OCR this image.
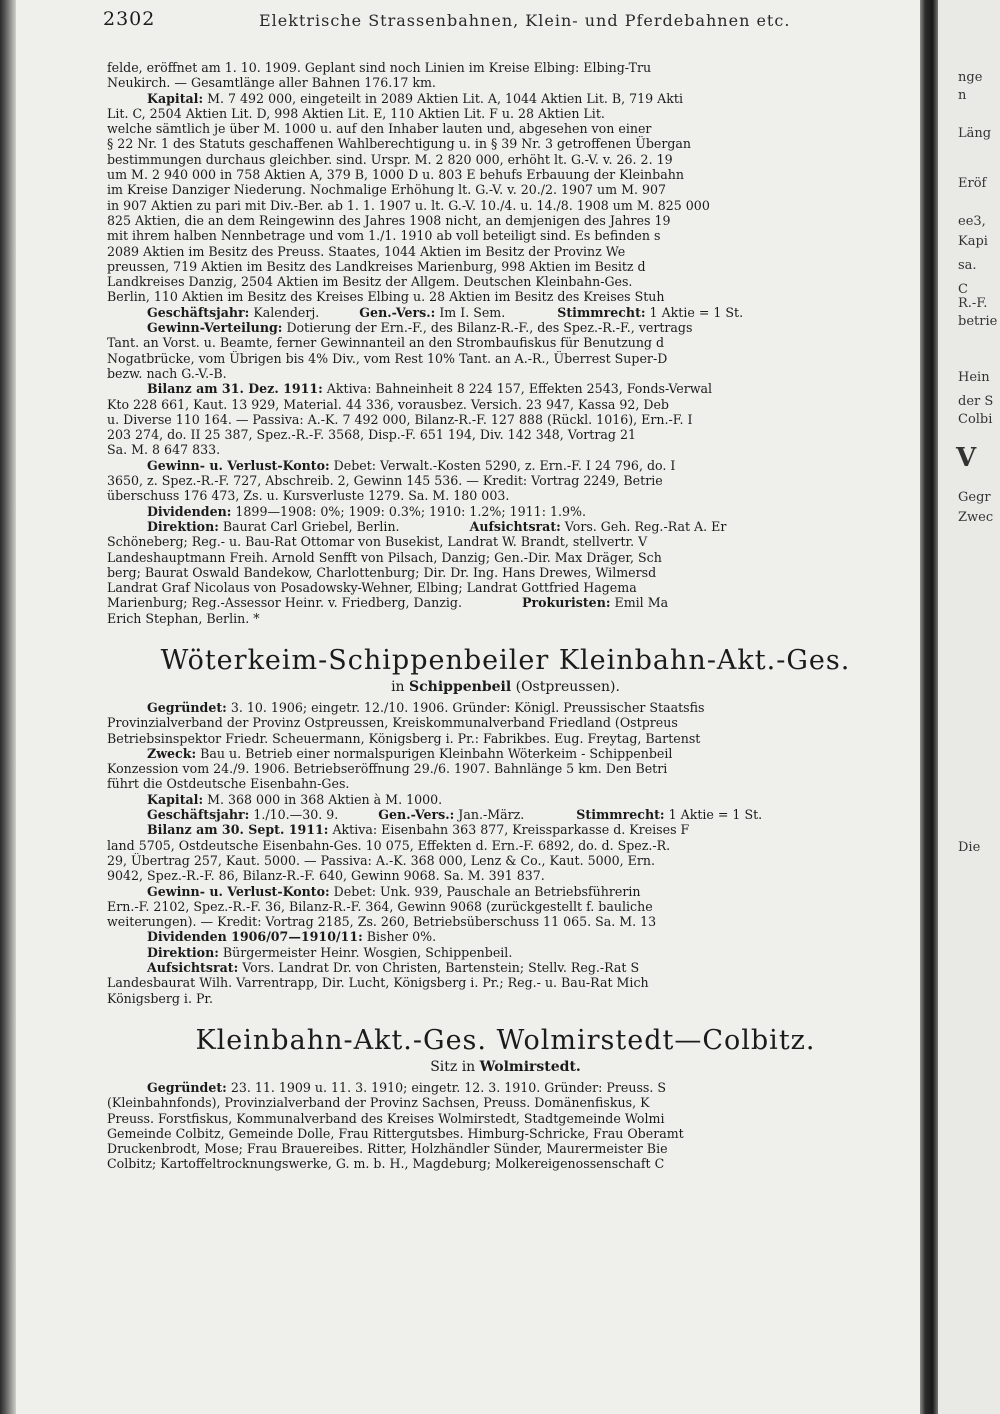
2302	Elektrische Strassenbahnen, Klein- und Pferdebahnen etc.

felde, eröffnet am 1. 10. 1909. Geplant sind noch Linien im Kreise Elbing: Elbing-Tru

Neukirch. — Gesamtlänge aller Bahnen 176.17 km.

Kapital: M. 7 492 000, eingeteilt in 2089 Aktien Lit. A, 1044 Aktien Lit. B, 719 Akti

Lit. C, 2504 Aktien Lit. D, 998 Aktien Lit. E, 110 Aktien Lit. F u. 28 Aktien Lit.

welche sämtlich je über M. 1000 u. auf den Inhaber lauten und, abgesehen von einer

§ 22 Nr. 1 des Statuts geschaffenen Wahlberechtigung u. in § 39 Nr. 3 getroffenen Übergan

bestimmungen durchaus gleichber. sind. Urspr. M. 2 820 000, erhöht lt. G.-V. v. 26. 2. 19

um M. 2 940 000 in 758 Aktien A, 379 B, 1000 D u. 803 E behufs Erbauung der Kleinbahn

im Kreise Danziger Niederung. Nochmalige Erhöhung lt. G.-V. v. 20./2. 1907 um M. 907

in 907 Aktien zu pari mit Div.-Ber. ab 1. 1. 1907 u. lt. G.-V. 10./4. u. 14./8. 1908 um M. 825 000

825 Aktien, die an dem Reingewinn des Jahres 1908 nicht, an demjenigen des Jahres 19

mit ihrem halben Nennbetrage und vom 1./1. 1910 ab voll beteiligt sind. Es befinden s

2089 Aktien im Besitz des Preuss. Staates, 1044 Aktien im Besitz der Provinz We

preussen, 719 Aktien im Besitz des Landkreises Marienburg, 998 Aktien im Besitz d

Landkreises Danzig, 2504 Aktien im Besitz der Allgem. Deutschen Kleinbahn-Ges.

Berlin, 110 Aktien im Besitz des Kreises Elbing u. 28 Aktien im Besitz des Kreises Stuh

Geschäftsjahr: Kalenderj.	Gen.-Vers.: Im I. Sem.	Stimmrecht: 1 Aktie = 1 St.

Gewinn-Verteilung: Dotierung der Ern.-F., des Bilanz-R.-F., des Spez.-R.-F., vertrags

Tant. an Vorst. u. Beamte, ferner Gewinnanteil an den Strombaufiskus für Benutzung d

Nogatbrücke, vom Übrigen bis 4% Div., vom Rest 10% Tant. an A.-R., Überrest Super-D

bezw. nach G.-V.-B.

Bilanz am 31. Dez. 1911: Aktiva: Bahneinheit 8 224 157, Effekten 2543, Fonds-Verwal

Kto 228 661, Kaut. 13 929, Material. 44 336, vorausbez. Versich. 23 947, Kassa 92, Deb

u. Diverse 110 164. — Passiva: A.-K. 7 492 000, Bilanz-R.-F. 127 888 (Rückl. 1016), Ern.-F. I

203 274, do. II 25 387, Spez.-R.-F. 3568, Disp.-F. 651 194, Div. 142 348, Vortrag 21

Sa. M. 8 647 833.

Gewinn- u. Verlust-Konto: Debet: Verwalt.-Kosten 5290, z. Ern.-F. I 24 796, do. I

3650, z. Spez.-R.-F. 727, Abschreib. 2, Gewinn 145 536. — Kredit: Vortrag 2249, Betrie

überschuss 176 473, Zs. u. Kursverluste 1279. Sa. M. 180 003.

Dividenden: 1899—1908: 0%; 1909: 0.3%; 1910: 1.2%; 1911: 1.9%.

Direktion: Baurat Carl Griebel, Berlin.	Aufsichtsrat: Vors. Geh. Reg.-Rat A. Er

Schöneberg; Reg.- u. Bau-Rat Ottomar von Busekist, Landrat W. Brandt, stellvertr. V

Landeshauptmann Freih. Arnold Senfft von Pilsach, Danzig; Gen.-Dir. Max Dräger, Sch

berg; Baurat Oswald Bandekow, Charlottenburg; Dir. Dr. Ing. Hans Drewes, Wilmersd

Landrat Graf Nicolaus von Posadowsky-Wehner, Elbing; Landrat Gottfried Hagema

Marienburg; Reg.-Assessor Heinr. v. Friedberg, Danzig.	Prokuristen: Emil Ma

Erich Stephan, Berlin. *

Wöterkeim-Schippenbeiler Kleinbahn-Akt.-Ges.

in Schippenbeil (Ostpreussen).

Gegründet: 3. 10. 1906; eingetr. 12./10. 1906. Gründer: Königl. Preussischer Staatsfis

Provinzialverband der Provinz Ostpreussen, Kreiskommunalverband Friedland (Ostpreus

Betriebsinspektor Friedr. Scheuermann, Königsberg i. Pr.: Fabrikbes. Eug. Freytag, Bartenst

Zweck: Bau u. Betrieb einer normalspurigen Kleinbahn Wöterkeim - Schippenbeil

Konzession vom 24./9. 1906. Betriebseröffnung 29./6. 1907. Bahnlänge 5 km. Den Betri

führt die Ostdeutsche Eisenbahn-Ges.

Kapital: M. 368 000 in 368 Aktien à M. 1000.

Geschäftsjahr: 1./10.—30. 9.	Gen.-Vers.: Jan.-März.	Stimmrecht: 1 Aktie = 1 St.

Bilanz am 30. Sept. 1911: Aktiva: Eisenbahn 363 877, Kreissparkasse d. Kreises F

land 5705, Ostdeutsche Eisenbahn-Ges. 10 075, Effekten d. Ern.-F. 6892, do. d. Spez.-R.

29, Übertrag 257, Kaut. 5000. — Passiva: A.-K. 368 000, Lenz & Co., Kaut. 5000, Ern.

9042, Spez.-R.-F. 86, Bilanz-R.-F. 640, Gewinn 9068. Sa. M. 391 837.

Gewinn- u. Verlust-Konto: Debet: Unk. 939, Pauschale an Betriebsführerin

Ern.-F. 2102, Spez.-R.-F. 36, Bilanz-R.-F. 364, Gewinn 9068 (zurückgestellt f. bauliche

weiterungen). — Kredit: Vortrag 2185, Zs. 260, Betriebsüberschuss 11 065. Sa. M. 13

Dividenden 1906/07—1910/11: Bisher 0%.

Direktion: Bürgermeister Heinr. Wosgien, Schippenbeil.

Aufsichtsrat: Vors. Landrat Dr. von Christen, Bartenstein; Stellv. Reg.-Rat S

Landesbaurat Wilh. Varrentrapp, Dir. Lucht, Königsberg i. Pr.; Reg.- u. Bau-Rat Mich

Königsberg i. Pr.

Kleinbahn-Akt.-Ges. Wolmirstedt—Colbitz.

Sitz in Wolmirstedt.

Gegründet: 23. 11. 1909 u. 11. 3. 1910; eingetr. 12. 3. 1910. Gründer: Preuss. S

(Kleinbahnfonds), Provinzialverband der Provinz Sachsen, Preuss. Domänenfiskus, K

Preuss. Forstfiskus, Kommunalverband des Kreises Wolmirstedt, Stadtgemeinde Wolmi

Gemeinde Colbitz, Gemeinde Dolle, Frau Rittergutsbes. Himburg-Schricke, Frau Oberamt

Druckenbrodt, Mose; Frau Brauereibes. Ritter, Holzhändler Sünder, Maurermeister Bie

Colbitz; Kartoffeltrocknungswerke, G. m. b. H., Magdeburg; Molkereigenossenschaft C

nge
n
Läng
Eröf
ee3,
Kapi
sa.
C
R.-F.
betrie
Hein
der S
Colbi
V
Gegr
Zwec
Die
